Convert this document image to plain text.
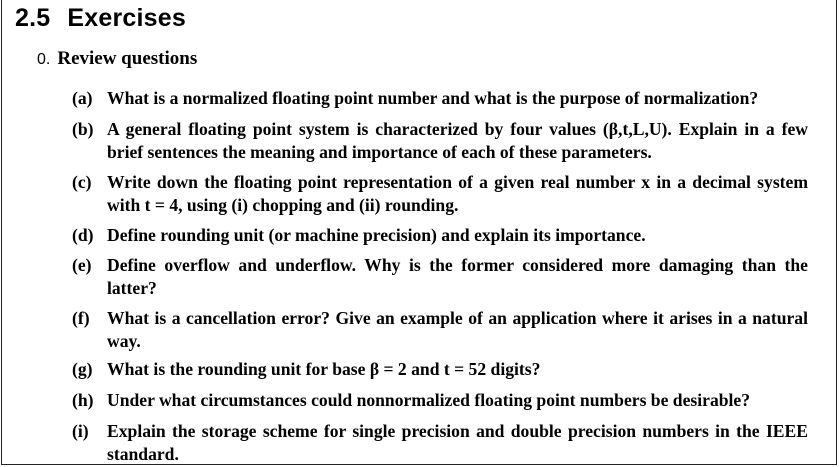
2.5 Exercises
0. Review questions
(a) What is a normalized floating point number and what is the purpose of normalization?
(b) A general floating point system is characterized by four values (β,t,L,U). Explain in a few brief sentences the meaning and importance of each of these parameters.
(c) Write down the floating point representation of a given real number x in a decimal system with t = 4, using (i) chopping and (ii) rounding.
(d) Define rounding unit (or machine precision) and explain its importance.
(e) Define overflow and underflow. Why is the former considered more damaging than the latter?
(f) What is a cancellation error? Give an example of an application where it arises in a natural way.
(g) What is the rounding unit for base β = 2 and t = 52 digits?
(h) Under what circumstances could nonnormalized floating point numbers be desirable?
(i) Explain the storage scheme for single precision and double precision numbers in the IEEE standard.
